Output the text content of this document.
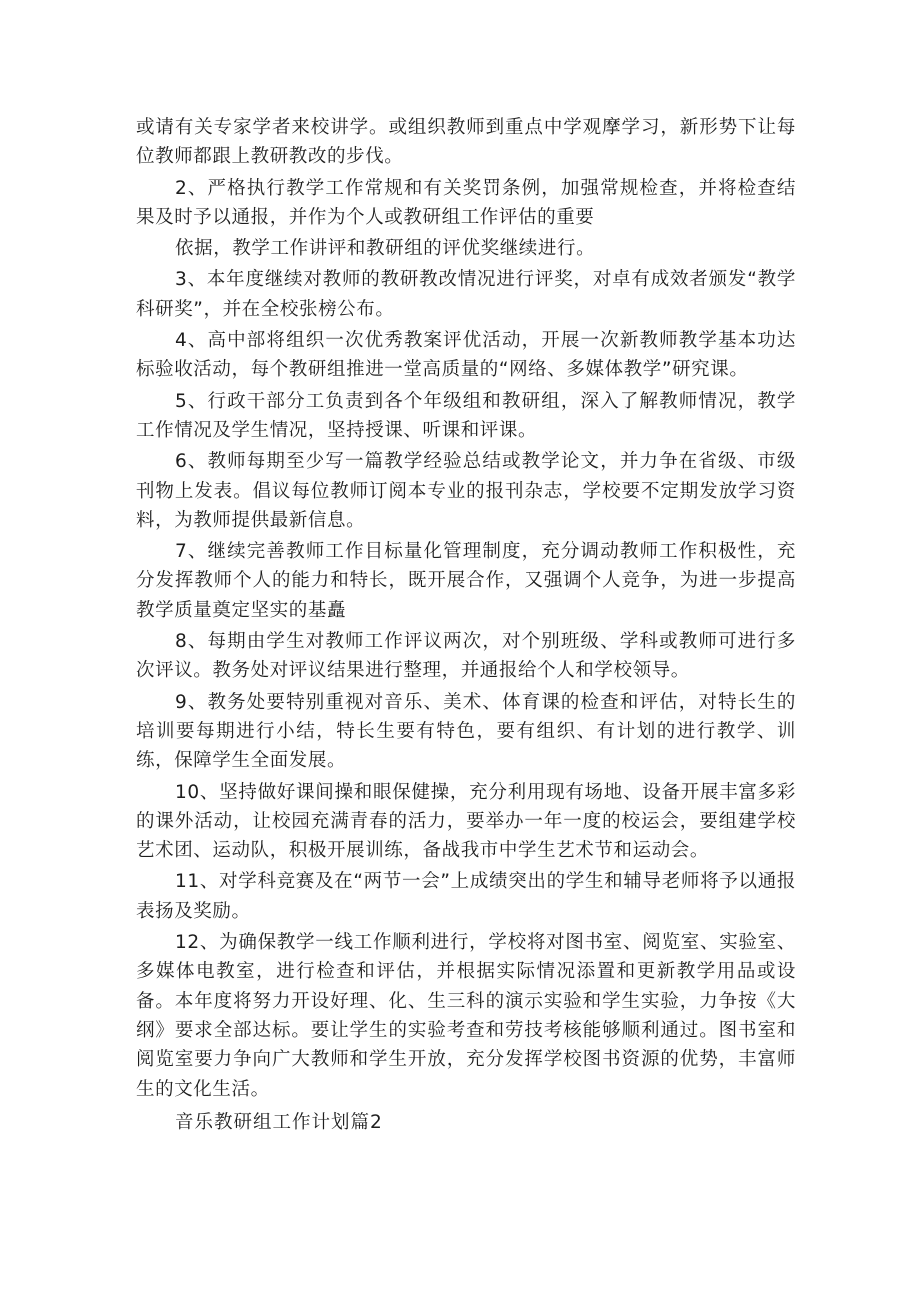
或请有关专家学者来校讲学。或组织教师到重点中学观摩学习，新形势下让每位教师都跟上教研教改的步伐。

2、严格执行教学工作常规和有关奖罚条例，加强常规检查，并将检查结果及时予以通报，并作为个人或教研组工作评估的重要

依据，教学工作讲评和教研组的评优奖继续进行。

3、本年度继续对教师的教研教改情况进行评奖，对卓有成效者颁发“教学科研奖”，并在全校张榜公布。

4、高中部将组织一次优秀教案评优活动，开展一次新教师教学基本功达标验收活动，每个教研组推进一堂高质量的“网络、多媒体教学”研究课。

5、行政干部分工负责到各个年级组和教研组，深入了解教师情况，教学工作情况及学生情况，坚持授课、听课和评课。

6、教师每期至少写一篇教学经验总结或教学论文，并力争在省级、市级刊物上发表。倡议每位教师订阅本专业的报刊杂志，学校要不定期发放学习资料，为教师提供最新信息。

7、继续完善教师工作目标量化管理制度，充分调动教师工作积极性，充分发挥教师个人的能力和特长，既开展合作，又强调个人竞争，为进一步提高教学质量奠定坚实的基矗

8、每期由学生对教师工作评议两次，对个别班级、学科或教师可进行多次评议。教务处对评议结果进行整理，并通报给个人和学校领导。

9、教务处要特别重视对音乐、美术、体育课的检查和评估，对特长生的培训要每期进行小结，特长生要有特色，要有组织、有计划的进行教学、训练，保障学生全面发展。

10、坚持做好课间操和眼保健操，充分利用现有场地、设备开展丰富多彩的课外活动，让校园充满青春的活力，要举办一年一度的校运会，要组建学校艺术团、运动队，积极开展训练，备战我市中学生艺术节和运动会。

11、对学科竞赛及在“两节一会”上成绩突出的学生和辅导老师将予以通报表扬及奖励。

12、为确保教学一线工作顺利进行，学校将对图书室、阅览室、实验室、多媒体电教室，进行检查和评估，并根据实际情况添置和更新教学用品或设备。本年度将努力开设好理、化、生三科的演示实验和学生实验，力争按《大纲》要求全部达标。要让学生的实验考查和劳技考核能够顺利通过。图书室和阅览室要力争向广大教师和学生开放，充分发挥学校图书资源的优势，丰富师生的文化生活。

音乐教研组工作计划篇2
